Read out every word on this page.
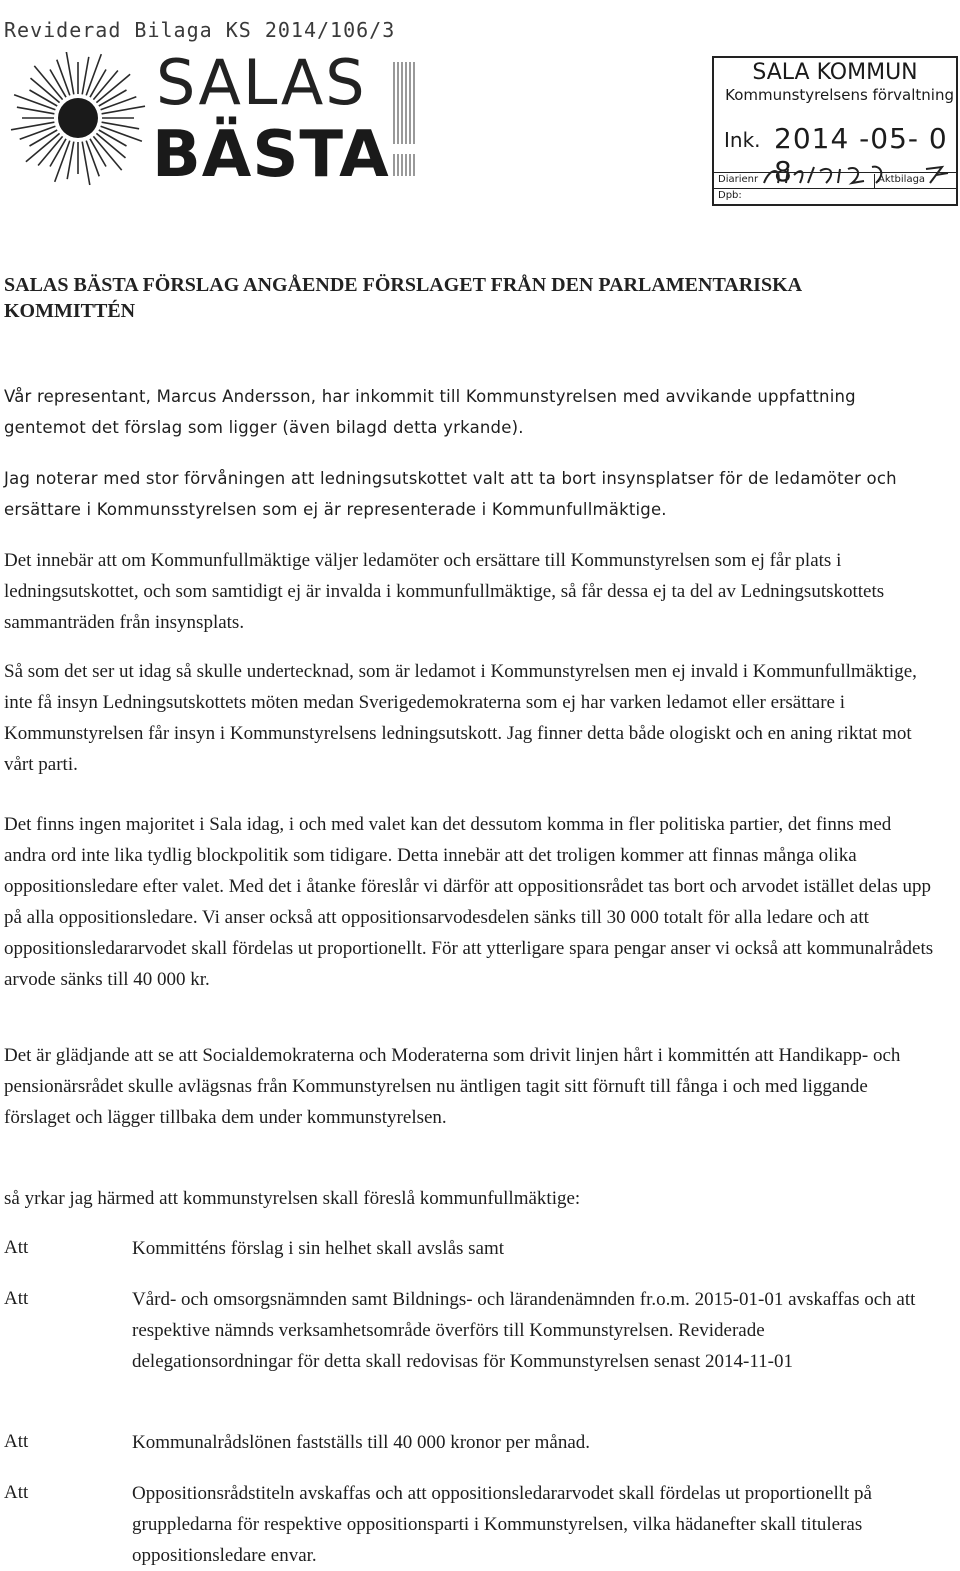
Reviderad Bilaga KS 2014/106/3
SALAS
BÄSTA
SALA KOMMUN
Kommunstyrelsens förvaltning
Ink. 2014 -05- 0 8
Diarienr	Aktbilaga
Dpb:
SALAS BÄSTA FÖRSLAG ANGÅENDE FÖRSLAGET FRÅN DEN PARLAMENTARISKA KOMMITTÉN
Vår representant, Marcus Andersson, har inkommit till Kommunstyrelsen med avvikande uppfattning gentemot det förslag som ligger (även bilagd detta yrkande).
Jag noterar med stor förvåningen att ledningsutskottet valt att ta bort insynsplatser för de ledamöter och ersättare i Kommunsstyrelsen som ej är representerade i Kommunfullmäktige.
Det innebär att om Kommunfullmäktige väljer ledamöter och ersättare till Kommunstyrelsen som ej får plats i ledningsutskottet, och som samtidigt ej är invalda i kommunfullmäktige, så får dessa ej ta del av Ledningsutskottets sammanträden från insynsplats.
Så som det ser ut idag så skulle undertecknad, som är ledamot i Kommunstyrelsen men ej invald i Kommunfullmäktige, inte få insyn Ledningsutskottets möten medan Sverigedemokraterna som ej har varken ledamot eller ersättare i Kommunstyrelsen får insyn i Kommunstyrelsens ledningsutskott. Jag finner detta både ologiskt och en aning riktat mot vårt parti.
Det finns ingen majoritet i Sala idag, i och med valet kan det dessutom komma in fler politiska partier, det finns med andra ord inte lika tydlig blockpolitik som tidigare. Detta innebär att det troligen kommer att finnas många olika oppositionsledare efter valet. Med det i åtanke föreslår vi därför att oppositionsrådet tas bort och arvodet istället delas upp på alla oppositionsledare. Vi anser också att oppositionsarvodesdelen sänks till 30 000 totalt för alla ledare och att oppositionsledararvodet skall fördelas ut proportionellt. För att ytterligare spara pengar anser vi också att kommunalrådets arvode sänks till 40 000 kr.
Det är glädjande att se att Socialdemokraterna och Moderaterna som drivit linjen hårt i kommittén att Handikapp- och pensionärsrådet skulle avlägsnas från Kommunstyrelsen nu äntligen tagit sitt förnuft till fånga i och med liggande förslaget och lägger tillbaka dem under kommunstyrelsen.
så yrkar jag härmed att kommunstyrelsen skall föreslå kommunfullmäktige:
Att	Kommitténs förslag i sin helhet skall avslås samt
Att	Vård- och omsorgsnämnden samt Bildnings- och lärandenämnden fr.o.m. 2015-01-01 avskaffas och att respektive nämnds verksamhetsområde överförs till Kommunstyrelsen. Reviderade delegationsordningar för detta skall redovisas för Kommunstyrelsen senast 2014-11-01
Att	Kommunalrådslönen fastställs till 40 000 kronor per månad.
Att	Oppositionsrådstiteln avskaffas och att oppositionsledararvodet skall fördelas ut proportionellt på gruppledarna för respektive oppositionsparti i Kommunstyrelsen, vilka hädanefter skall tituleras oppositionsledare envar.
